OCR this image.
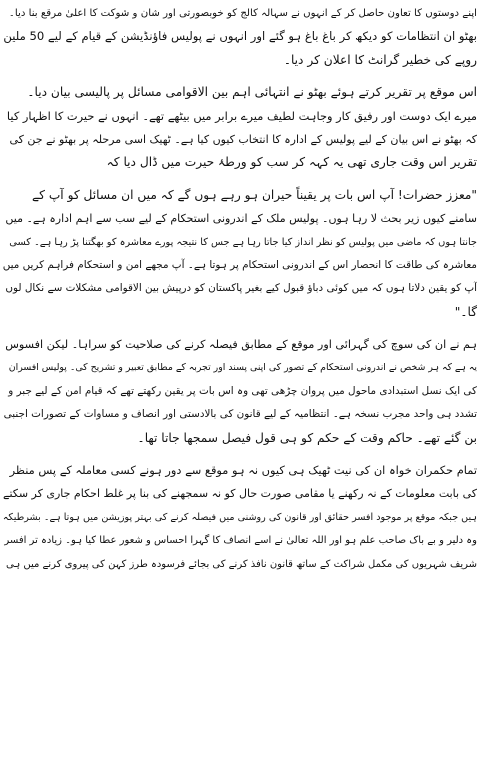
اپنے دوستوں کا تعاون حاصل کر کے انہوں نے سہالہ کالج کو خوبصورتی اور شان و شوکت کا اعلیٰ مرقع بنا دیا۔
بھٹو ان انتظامات کو دیکھ کر باغ باغ ہو گئے اور انہوں نے پولیس فاؤنڈیشن کے قیام کے لیے 50 ملین
روپے کی خطیر گرانٹ کا اعلان کر دیا۔
اس موقع پر تقریر کرتے ہوئے بھٹو نے انتہائی اہم بین الاقوامی مسائل پر پالیسی بیان دیا۔
میرے ایک دوست اور رفیق کار وجاہت لطیف میرے برابر میں بیٹھے تھے۔ انہوں نے حیرت کا اظہار کیا
کہ بھٹو نے اس بیان کے لیے پولیس کے ادارہ کا انتخاب کیوں کیا ہے۔ ٹھیک اسی مرحلہ پر بھٹو نے جن کی
تقریر اس وقت جاری تھی یہ کہہ کر سب کو ورطۂ حیرت میں ڈال دیا کہ
"معزز حضرات! آپ اس بات پر یقیناً حیران ہو رہے ہوں گے کہ میں ان مسائل کو آپ کے
سامنے کیوں زیر بحث لا رہا ہوں۔ پولیس ملک کے اندرونی استحکام کے لیے سب سے اہم ادارہ ہے۔ میں
جانتا ہوں کہ ماضی میں پولیس کو نظر انداز کیا جاتا رہا ہے جس کا نتیجہ پورے معاشرہ کو بھگتنا پڑ رہا ہے۔ کسی
معاشرہ کی طاقت کا انحصار اس کے اندرونی استحکام پر ہوتا ہے۔ آپ مجھے امن و استحکام فراہم کریں میں
آپ کو یقین دلاتا ہوں کہ میں کوئی دباؤ قبول کیے بغیر پاکستان کو درپیش بین الاقوامی مشکلات سے نکال لوں
گا۔"
ہم نے ان کی سوچ کی گہرائی اور موقع کے مطابق فیصلہ کرنے کی صلاحیت کو سراہا۔ لیکن افسوس
یہ ہے کہ ہر شخص نے اندرونی استحکام کے تصور کی اپنی پسند اور تجربہ کے مطابق تعبیر و تشریح کی۔ پولیس افسران
کی ایک نسل استبدادی ماحول میں پروان چڑھی تھی وہ اس بات پر یقین رکھتے تھے کہ قیام امن کے لیے جبر و
تشدد ہی واحد مجرب نسخہ ہے۔ انتظامیہ کے لیے قانون کی بالادستی اور انصاف و مساوات کے تصورات اجنبی
بن گئے تھے۔ حاکم وقت کے حکم کو ہی قول فیصل سمجھا جاتا تھا۔
تمام حکمران خواہ ان کی نیت ٹھیک ہی کیوں نہ ہو موقع سے دور ہونے کسی معاملہ کے پس منظر
کی بابت معلومات کے نہ رکھنے یا مقامی صورت حال کو نہ سمجھنے کی بنا پر غلط احکام جاری کر سکتے
ہیں جبکہ موقع پر موجود افسر حقائق اور قانون کی روشنی میں فیصلہ کرنے کی بہتر پوزیشن میں ہوتا ہے۔ بشرطیکہ
وہ دلیر و بے باک صاحب علم ہو اور اللہ تعالیٰ نے اسے انصاف کا گہرا احساس و شعور عطا کیا ہو۔ زیادہ تر افسر
شریف شہریوں کی مکمل شراکت کے ساتھ قانون نافذ کرنے کی بجائے فرسودہ طرز کہن کی پیروی کرنے میں ہی
